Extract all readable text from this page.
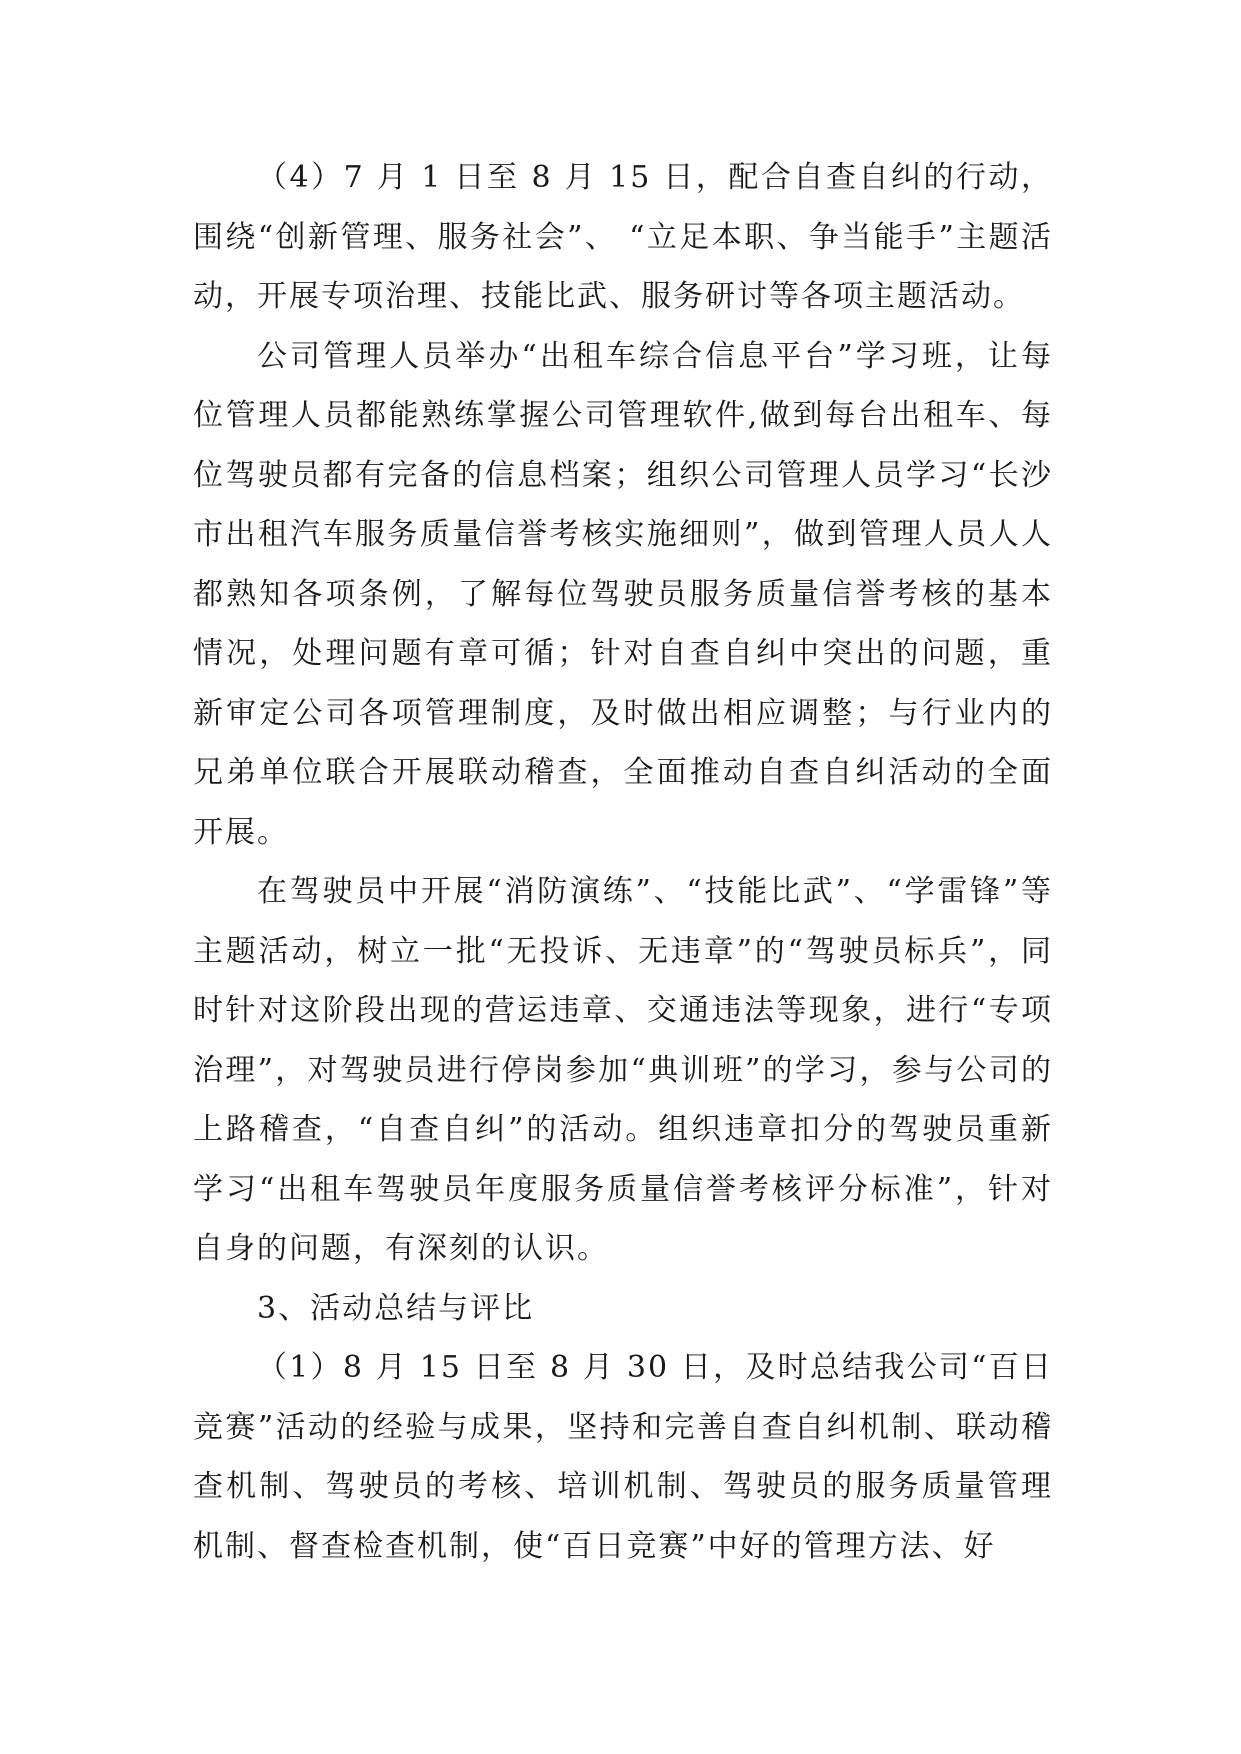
（4）7 月 1 日至 8 月 15 日，配合自查自纠的行动，围绕“创新管理、服务社会”、 “立足本职、争当能手”主题活动，开展专项治理、技能比武、服务研讨等各项主题活动。

公司管理人员举办“出租车综合信息平台”学习班，让每位管理人员都能熟练掌握公司管理软件,做到每台出租车、每位驾驶员都有完备的信息档案；组织公司管理人员学习“长沙市出租汽车服务质量信誉考核实施细则”，做到管理人员人人都熟知各项条例，了解每位驾驶员服务质量信誉考核的基本情况，处理问题有章可循；针对自查自纠中突出的问题，重新审定公司各项管理制度，及时做出相应调整；与行业内的兄弟单位联合开展联动稽查，全面推动自查自纠活动的全面开展。

在驾驶员中开展“消防演练”、“技能比武”、“学雷锋”等主题活动，树立一批“无投诉、无违章”的“驾驶员标兵”，同时针对这阶段出现的营运违章、交通违法等现象，进行“专项治理”，对驾驶员进行停岗参加“典训班”的学习，参与公司的上路稽查，“自查自纠”的活动。组织违章扣分的驾驶员重新学习“出租车驾驶员年度服务质量信誉考核评分标准”，针对自身的问题，有深刻的认识。

3、活动总结与评比

（1）8 月 15 日至 8 月 30 日，及时总结我公司“百日竞赛”活动的经验与成果，坚持和完善自查自纠机制、联动稽查机制、驾驶员的考核、培训机制、驾驶员的服务质量管理机制、督查检查机制，使“百日竞赛”中好的管理方法、好
